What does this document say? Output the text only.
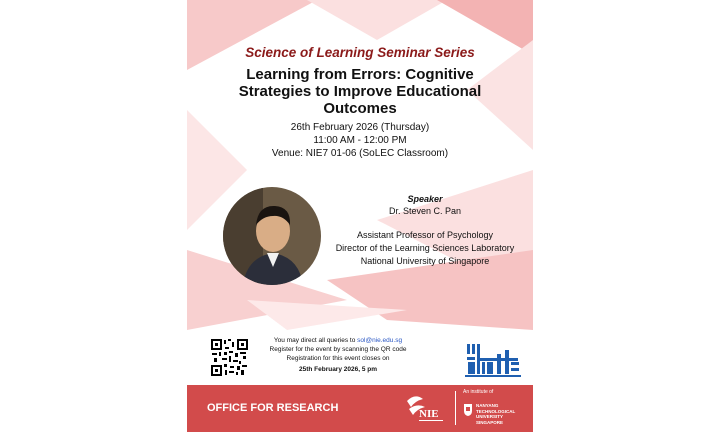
Science of Learning Seminar Series
Learning from Errors: Cognitive Strategies to Improve Educational Outcomes
26th February 2026 (Thursday)
11:00 AM - 12:00 PM
Venue: NIE7 01-06 (SoLEC Classroom)
Speaker
Dr. Steven C. Pan
Assistant Professor of Psychology
Director of the Learning Sciences Laboratory
National University of Singapore
You may direct all queries to sol@nie.edu.sg
Register for the event by scanning the QR code
Registration for this event closes on
25th February 2026, 5 pm
OFFICE FOR RESEARCH	NIE
An institute of
NANYANG
TECHNOLOGICAL
UNIVERSITY
SINGAPORE
